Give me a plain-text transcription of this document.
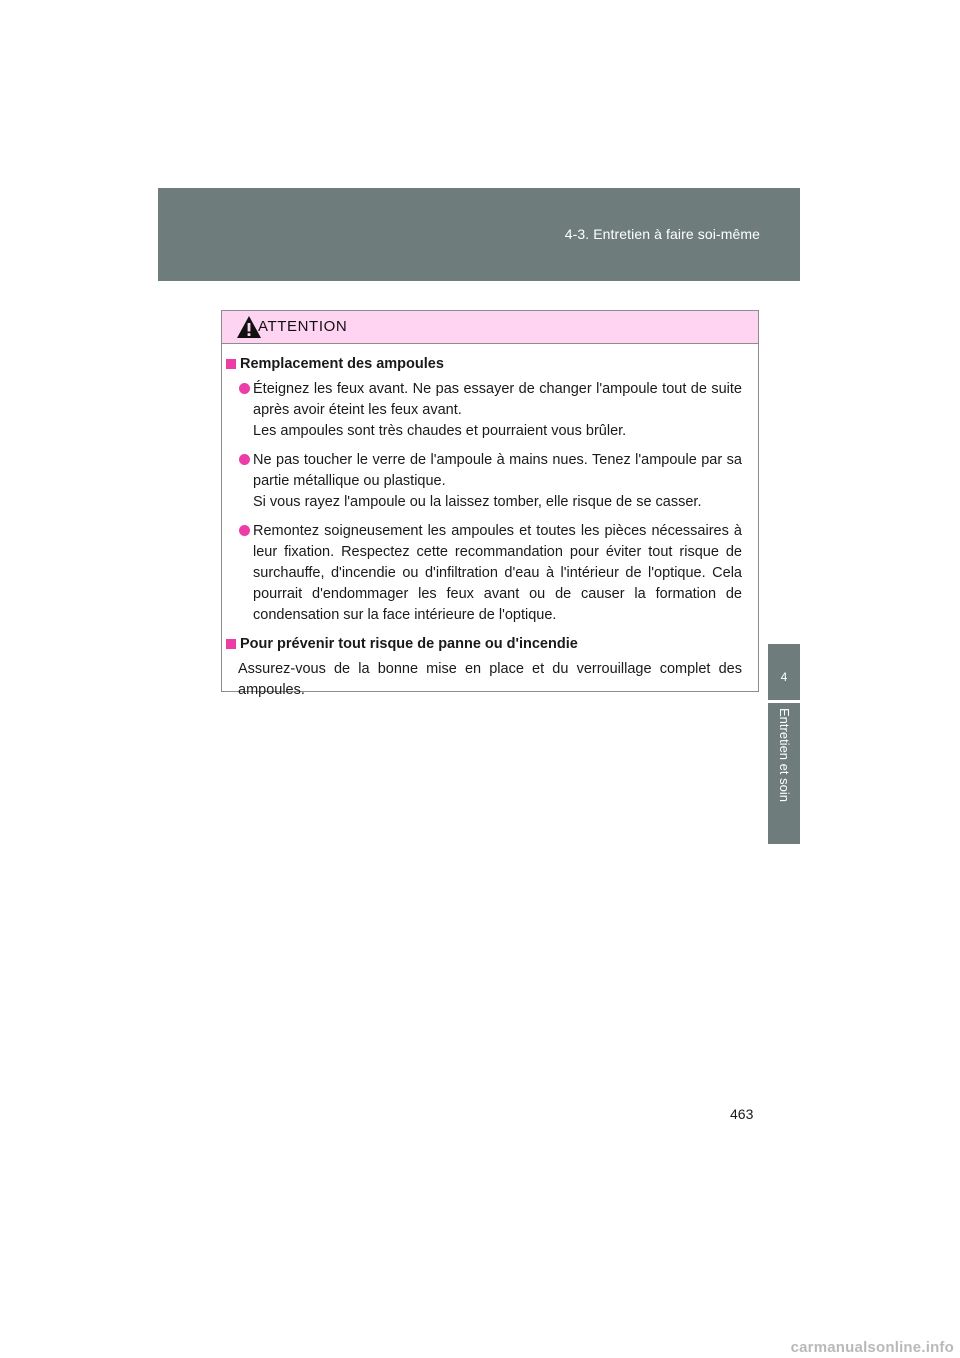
4-3. Entretien à faire soi-même
4
Entretien et soin
ATTENTION
Remplacement des ampoules

Éteignez les feux avant. Ne pas essayer de changer l'ampoule tout de suite après avoir éteint les feux avant.

Les ampoules sont très chaudes et pourraient vous brûler.

Ne pas toucher le verre de l'ampoule à mains nues. Tenez l'ampoule par sa partie métallique ou plastique.

Si vous rayez l'ampoule ou la laissez tomber, elle risque de se casser.

Remontez soigneusement les ampoules et toutes les pièces nécessaires à leur fixation. Respectez cette recommandation pour éviter tout risque de surchauffe, d'incendie ou d'infiltration d'eau à l'intérieur de l'optique. Cela pourrait d'endommager les feux avant ou de causer la formation de condensation sur la face intérieure de l'optique.

Pour prévenir tout risque de panne ou d'incendie

Assurez-vous de la bonne mise en place et du verrouillage complet des ampoules.

463
carmanualsonline.info
